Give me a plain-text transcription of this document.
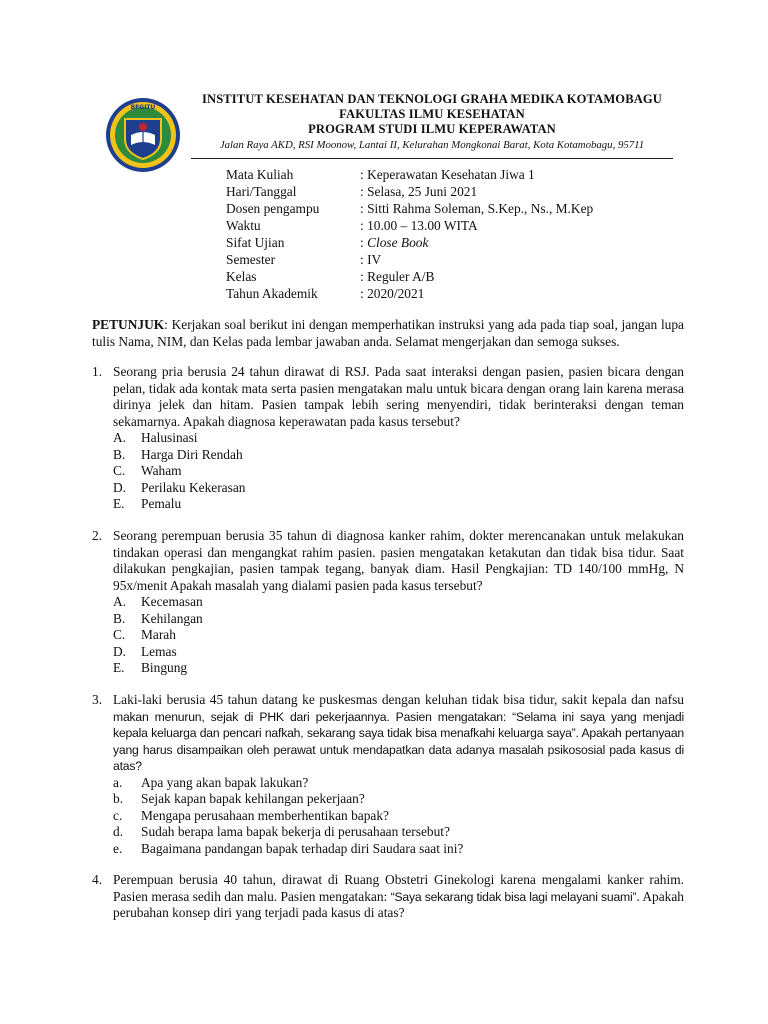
BEGITU
INSTITUT KESEHATAN DAN TEKNOLOGI GRAHA MEDIKA KOTAMOBAGU
FAKULTAS ILMU KESEHATAN
PROGRAM STUDI ILMU KEPERAWATAN
Jalan Raya AKD, RSI Moonow, Lantai II, Kelurahan Mongkonai Barat, Kota Kotamobagu, 95711
Mata Kuliah	: Keperawatan Kesehatan Jiwa 1
Hari/Tanggal	: Selasa, 25 Juni 2021
Dosen pengampu	: Sitti Rahma Soleman, S.Kep., Ns., M.Kep
Waktu	: 10.00 – 13.00 WITA
Sifat Ujian	: Close Book
Semester	: IV
Kelas	: Reguler A/B
Tahun Akademik	: 2020/2021
PETUNJUK: Kerjakan soal berikut ini dengan memperhatikan instruksi yang ada pada tiap soal, jangan lupa tulis Nama, NIM, dan Kelas pada lembar jawaban anda. Selamat mengerjakan dan semoga sukses.
1. Seorang pria berusia 24 tahun dirawat di RSJ. Pada saat interaksi dengan pasien, pasien bicara dengan pelan, tidak ada kontak mata serta pasien mengatakan malu untuk bicara dengan orang lain karena merasa dirinya jelek dan hitam. Pasien tampak lebih sering menyendiri, tidak berinteraksi dengan teman sekamarnya. Apakah diagnosa keperawatan pada kasus tersebut?
A.	Halusinasi
B.	Harga Diri Rendah
C.	Waham
D.	Perilaku Kekerasan
E.	Pemalu
2. Seorang perempuan berusia 35 tahun di diagnosa kanker rahim, dokter merencanakan untuk melakukan tindakan operasi dan mengangkat rahim pasien. pasien mengatakan ketakutan dan tidak bisa tidur. Saat dilakukan pengkajian, pasien tampak tegang, banyak diam. Hasil Pengkajian: TD 140/100 mmHg, N 95x/menit Apakah masalah yang dialami pasien pada kasus tersebut?
A.	Kecemasan
B.	Kehilangan
C.	Marah
D.	Lemas
E.	Bingung
3. Laki-laki berusia 45 tahun datang ke puskesmas dengan keluhan tidak bisa tidur, sakit kepala dan nafsu makan menurun, sejak di PHK dari pekerjaannya. Pasien mengatakan: “Selama ini saya yang menjadi kepala keluarga dan pencari nafkah, sekarang saya tidak bisa menafkahi keluarga saya”. Apakah pertanyaan yang harus disampaikan oleh perawat untuk mendapatkan data adanya masalah psikososial pada kasus di atas?
a.	Apa yang akan bapak lakukan?
b.	Sejak kapan bapak kehilangan pekerjaan?
c.	Mengapa perusahaan memberhentikan bapak?
d.	Sudah berapa lama bapak bekerja di perusahaan tersebut?
e.	Bagaimana pandangan bapak terhadap diri Saudara saat ini?
4. Perempuan berusia 40 tahun, dirawat di Ruang Obstetri Ginekologi karena mengalami kanker rahim. Pasien merasa sedih dan malu. Pasien mengatakan: “Saya sekarang tidak bisa lagi melayani suami”. Apakah perubahan konsep diri yang terjadi pada kasus di atas?
